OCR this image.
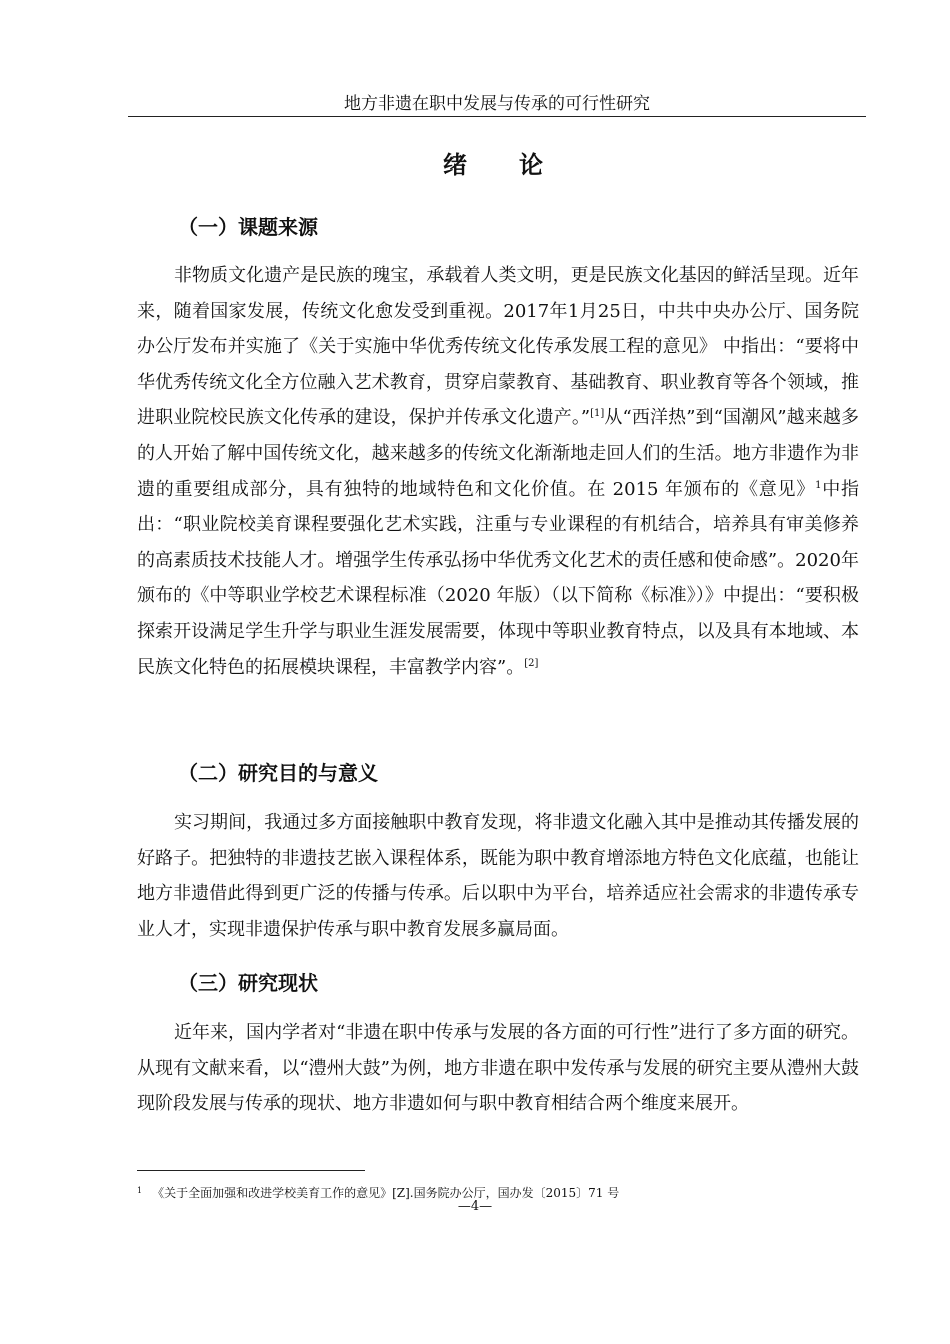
地方非遗在职中发展与传承的可行性研究
绪论
（一）课题来源

非物质文化遗产是民族的瑰宝，承载着人类文明，更是民族文化基因的鲜活呈现。近年来，随着国家发展，传统文化愈发受到重视。2017年1月25日，中共中央办公厅、国务院办公厅发布并实施了《关于实施中华优秀传统文化传承发展工程的意见》 中指出：“要将中华优秀传统文化全方位融入艺术教育，贯穿启蒙教育、基础教育、职业教育等各个领域，推进职业院校民族文化传承的建设，保护并传承文化遗产。”[1]从“西洋热”到“国潮风”越来越多的人开始了解中国传统文化，越来越多的传统文化渐渐地走回人们的生活。地方非遗作为非遗的重要组成部分，具有独特的地域特色和文化价值。在 2015 年颁布的《意见》$^1$中指出：“职业院校美育课程要强化艺术实践，注重与专业课程的有机结合，培养具有审美修养的高素质技术技能人才。增强学生传承弘扬中华优秀文化艺术的责任感和使命感”。2020年颁布的《中等职业学校艺术课程标准（2020 年版）（以下简称《标准》）》中提出：“要积极探索开设满足学生升学与职业生涯发展需要，体现中等职业教育特点，以及具有本地域、本民族文化特色的拓展模块课程，丰富教学内容”。[2]

（二）研究目的与意义

实习期间，我通过多方面接触职中教育发现，将非遗文化融入其中是推动其传播发展的好路子。把独特的非遗技艺嵌入课程体系，既能为职中教育增添地方特色文化底蕴，也能让地方非遗借此得到更广泛的传播与传承。后以职中为平台，培养适应社会需求的非遗传承专业人才，实现非遗保护传承与职中教育发展多赢局面。

（三）研究现状

近年来，国内学者对“非遗在职中传承与发展的各方面的可行性”进行了多方面的研究。从现有文献来看，以“澧州大鼓”为例，地方非遗在职中发传承与发展的研究主要从澧州大鼓现阶段发展与传承的现状、地方非遗如何与职中教育相结合两个维度来展开。

$^1$ 《关于全面加强和改进学校美育工作的意见》[Z].国务院办公厅，国办发〔2015〕71 号
—4—
